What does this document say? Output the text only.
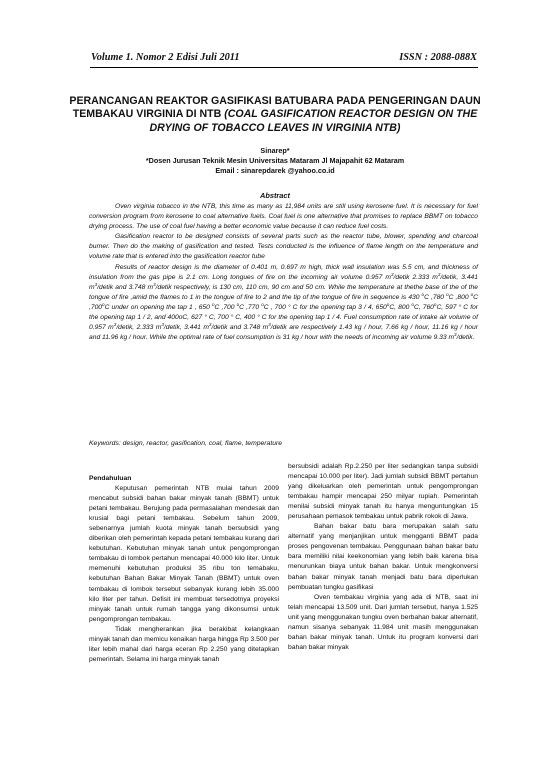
Volume 1. Nomor 2 Edisi Juli 2011	ISSN : 2088-088X
PERANCANGAN REAKTOR GASIFIKASI BATUBARA PADA PENGERINGAN DAUN TEMBAKAU VIRGINIA DI NTB (COAL GASIFICATION REACTOR DESIGN ON THE DRYING OF TOBACCO LEAVES IN VIRGINIA NTB)
Sinarep*
*Dosen Jurusan Teknik Mesin Universitas Mataram Jl Majapahit 62 Mataram
Email : sinarepdarek @yahoo.co.id
Abstract

Oven virginia tobacco in the NTB, this time as many as 11,984 units are still using kerosene fuel. It is necessary for fuel conversion program from kerosene to coal alternative fuels. Coal fuel is one alternative that promises to replace BBMT on tobacco drying process. The use of coal fuel having a better economic value because it can reduce fuel costs.

Gasification reactor to be designed consists of several parts such as the reactor tube, blower, spending and charcoal burner. Then do the making of gasification and tested. Tests conducted is the influence of flame length on the temperature and volume rate that is entered into the gasification reactor tube

Results of reactor design is the diameter of 0.401 m, 0.697 m high, thick wall insulation was 5.5 cm, and thickness of insulation from the gas pipe is 2.1 cm. Long tongues of fire on the incoming air volume 0.957 $m^3$/detik 2.333 $m^3$/detik, 3.441 $m^3$/detik and 3.748 $m^3$/detik respectively, is 130 cm, 110 cm, 90 cm and 50 cm. While the temperature at thethe base of the of the tongue of fire ,amid the flames to 1 in the tongue of fire to 2 and the tip of the tongue of fire in sequence is 430 $^o$C ,780 $^o$C ,800 $^o$C ,700$^o$C under on opening the tap 1 , 650 $^o$C ,700 $^o$C ,770 $^o$C , 700 ° C for the opening tap 3 / 4, 650$^o$C, 800 $^o$C, 760$^o$C, 597 ° C for the opening tap 1 / 2, and 400oC, 627 ° C, 700 ° C, 400 ° C for the opening tap 1 / 4. Fuel consumption rate of intake air volume of 0.957 $m^3$/detik, 2.333 $m^3$/detik, 3.441 $m^3$/detik and 3.748 $m^3$/detik are respectively 1.43 kg / hour, 7.66 kg / hour, 11.16 kg / hour and 11.96 kg / hour. While the optimal rate of fuel consumption is 31 kg / hour with the needs of incoming air volume 9.33 $m^3$/detik.

Keywords: design, reactor, gasification, coal, flame, temperature

Pendahuluan

Keputusan pemerintah NTB mulai tahun 2009 mencabut subsidi bahan bakar minyak tanah (BBMT) untuk petani tembakau. Berujung pada permasalahan mendesak dan krusial bagi petani tembakau. Sebelum tahun 2009, sebenarnya jumlah kuota minyak tanah bersubsidi yang diberikan oleh pemerintah kepada petani tembakau kurang dari kebutuhan. Kebutuhan minyak tanah untuk pengomprongan tembakau di lombok pertahun mencapai 40.000 kilo liter. Untuk memenuhi kebutuhan produksi 35 ribu ton temabaku, kebutuhan Bahan Bakar Minyak Tanah (BBMT) untuk oven tembakau di lombok tersebut sebanyak kurang lebih 35.000 kilo liter per tahun. Defisit ini membuat tersedotnya proyeksi minyak tanah untuk rumah tangga yang dikonsumsi untuk pengomprongan tembakau.

Tidak mengherankan jika berakibat kelangkaan minyak tanah dan memicu kenaikan harga hingga Rp 3.500 per liter lebih mahal dari harga eceran Rp 2.250 yang ditetapkan pemerintah. Selama ini harga minyak tanah

bersubsidi adalah Rp.2.250 per liter sedangkan tanpa subsidi mencapai 10.000 per liter). Jadi jumlah subsidi BBMT pertahun yang dikeluarkan oleh pemerintah untuk pengomprongan tembakau hampir mencapai 250 milyar rupiah. Pemerintah menilai subsidi minyak tanah itu hanya menguntungkan 15 perusahaan pemasok tembakau untuk pabrik rokok di Jawa.

Bahan bakar batu bara merupakan salah satu alternatif yang menjanjikan untuk mengganti BBMT pada proses pengovenan tembakau. Penggunaan bahan bakar batu bara memiliki nilai keekonomian yang lebih baik karena bisa menurunkan biaya untuk bahan bakar. Untuk mengkonversi bahan bakar minyak tanah menjadi batu bara diperlukan pembuatan tungku gasifikasi

Oven tembakau virginia yang ada di NTB, saat ini telah mencapai 13.509 unit. Dari jumlah tersebut, hanya 1.525 unit yang menggunakan tungku oven berbahan bakar alternatif, namun sisanya sebanyak 11.984 unit masih menggunakan bahan bakar minyak tanah. Untuk itu program konversi dari bahan bakar minyak
